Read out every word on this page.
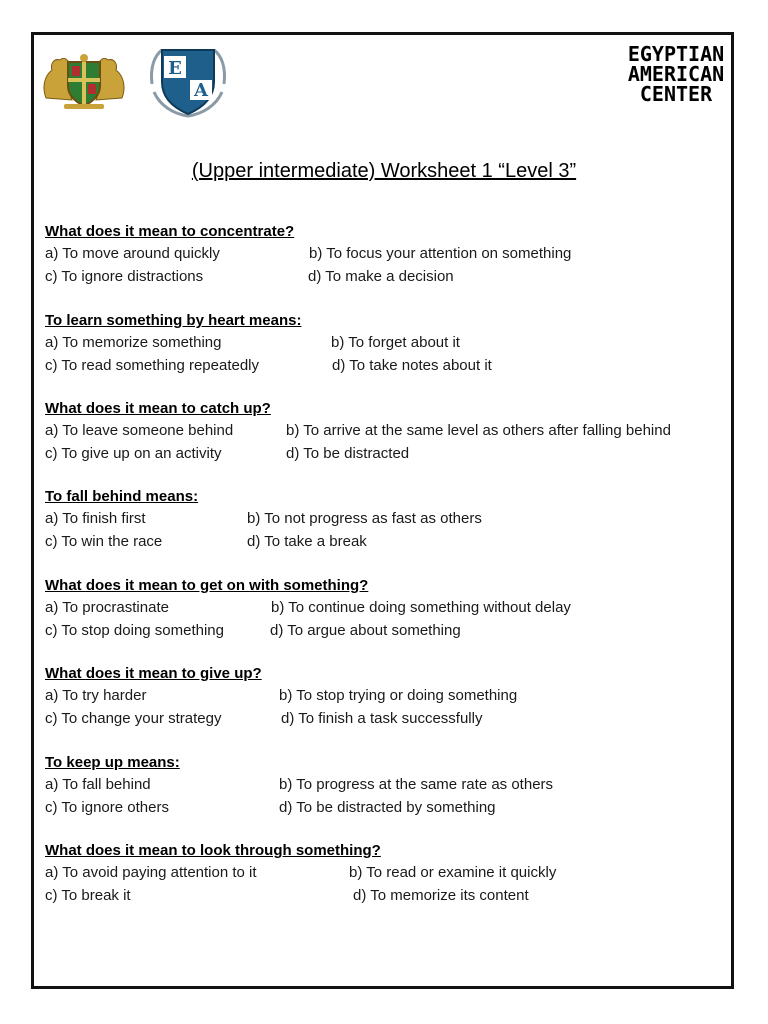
E
A
EGYPTIAN
AMERICAN
CENTER
(Upper intermediate) Worksheet 1 “Level 3”
What does it mean to concentrate?
a) To move around quickly	b) To focus your attention on something
c) To ignore distractions	d) To make a decision
To learn something by heart means:
a) To memorize something	b) To forget about it
c) To read something repeatedly	d) To take notes about it
What does it mean to catch up?
a) To leave someone behind	b) To arrive at the same level as others after falling behind
c) To give up on an activity	d) To be distracted
To fall behind means:
a) To finish first	b) To not progress as fast as others
c) To win the race	d) To take a break
What does it mean to get on with something?
a) To procrastinate	b) To continue doing something without delay
c) To stop doing something	d) To argue about something
What does it mean to give up?
a) To try harder	b) To stop trying or doing something
c) To change your strategy	d) To finish a task successfully
To keep up means:
a) To fall behind	b) To progress at the same rate as others
c) To ignore others	d) To be distracted by something
What does it mean to look through something?
a) To avoid paying attention to it	b) To read or examine it quickly
c) To break it	d) To memorize its content
